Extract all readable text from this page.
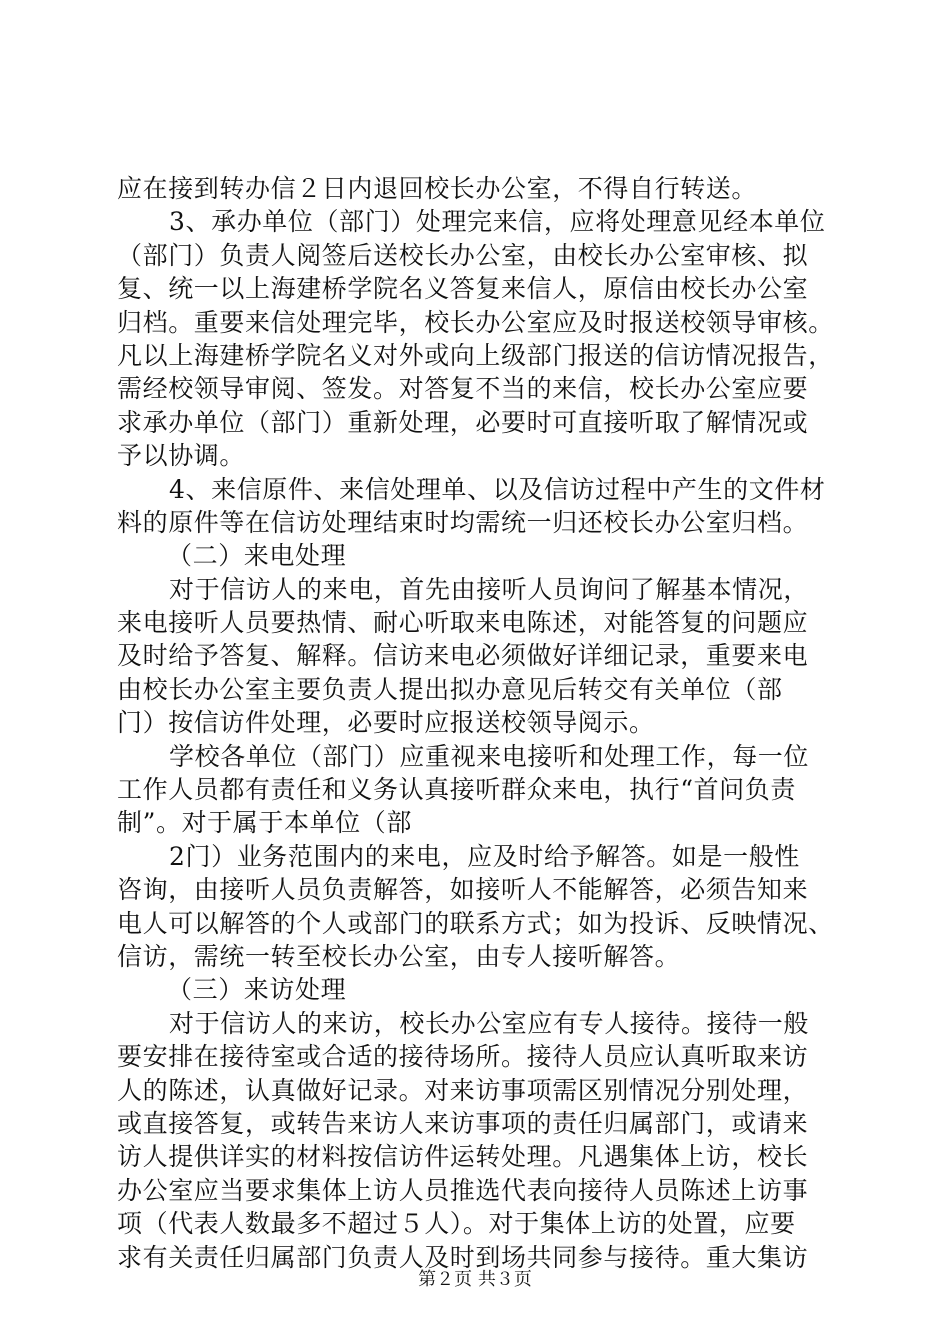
应在接到转办信２日内退回校长办公室，不得自行转送。
3、承办单位（部门）处理完来信，应将处理意见经本单位
（部门）负责人阅签后送校长办公室，由校长办公室审核、拟
复、统一以上海建桥学院名义答复来信人，原信由校长办公室
归档。重要来信处理完毕，校长办公室应及时报送校领导审核。
凡以上海建桥学院名义对外或向上级部门报送的信访情况报告，
需经校领导审阅、签发。对答复不当的来信，校长办公室应要
求承办单位（部门）重新处理，必要时可直接听取了解情况或
予以协调。
4、来信原件、来信处理单、以及信访过程中产生的文件材
料的原件等在信访处理结束时均需统一归还校长办公室归档。
（二）来电处理
对于信访人的来电，首先由接听人员询问了解基本情况，
来电接听人员要热情、耐心听取来电陈述，对能答复的问题应
及时给予答复、解释。信访来电必须做好详细记录，重要来电
由校长办公室主要负责人提出拟办意见后转交有关单位（部
门）按信访件处理，必要时应报送校领导阅示。
学校各单位（部门）应重视来电接听和处理工作，每一位
工作人员都有责任和义务认真接听群众来电，执行“首问负责
制”。对于属于本单位（部
2门）业务范围内的来电，应及时给予解答。如是一般性
咨询，由接听人员负责解答，如接听人不能解答，必须告知来
电人可以解答的个人或部门的联系方式；如为投诉、反映情况、
信访，需统一转至校长办公室，由专人接听解答。
（三）来访处理
对于信访人的来访，校长办公室应有专人接待。接待一般
要安排在接待室或合适的接待场所。接待人员应认真听取来访
人的陈述，认真做好记录。对来访事项需区别情况分别处理，
或直接答复，或转告来访人来访事项的责任归属部门，或请来
访人提供详实的材料按信访件运转处理。凡遇集体上访，校长
办公室应当要求集体上访人员推选代表向接待人员陈述上访事
项（代表人数最多不超过５人）。对于集体上访的处置，应要
求有关责任归属部门负责人及时到场共同参与接待。重大集访
第２页 共３页
